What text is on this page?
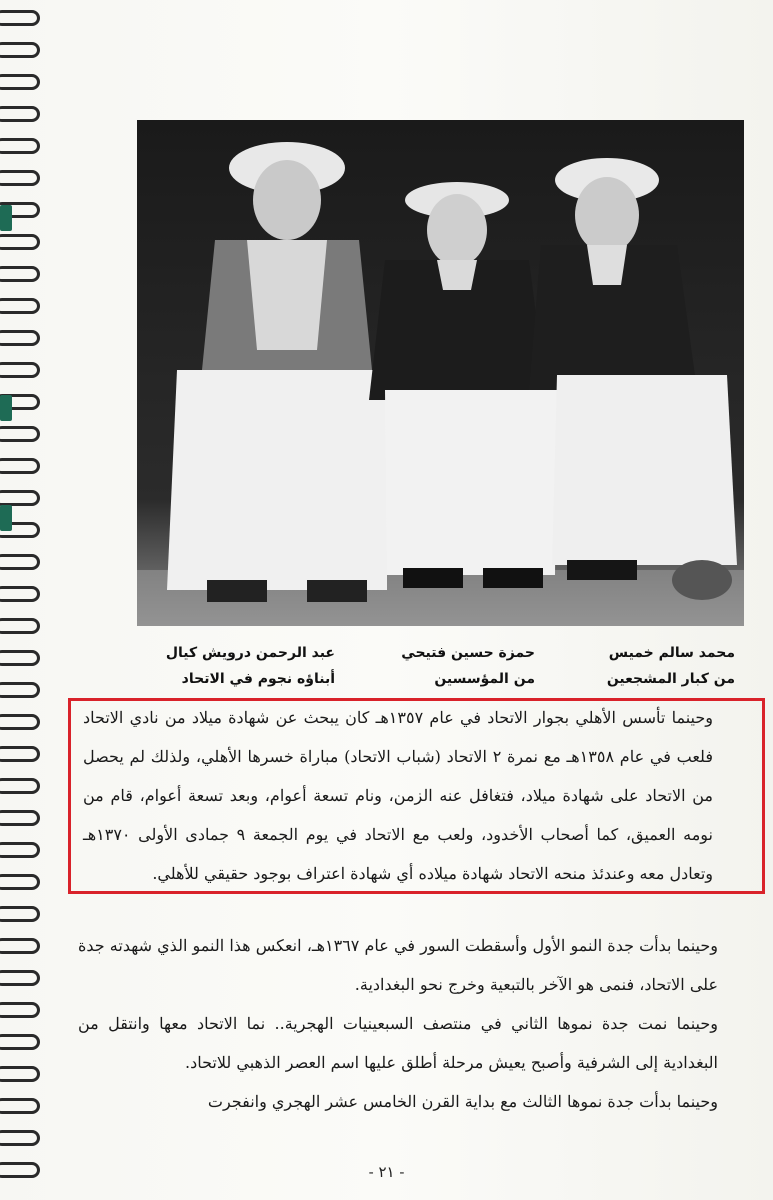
محمد سالم خميس
من كبار المشجعين
حمزة حسين فتيحي
من المؤسسين
عبد الرحمن درويش كيال
أبناؤه نجوم في الاتحاد
وحينما تأسس الأهلي بجوار الاتحاد في عام ١٣٥٧هـ كان يبحث عن شهادة ميلاد من نادي الاتحاد فلعب في عام ١٣٥٨هـ مع نمرة ٢ الاتحاد (شباب الاتحاد) مباراة خسرها الأهلي، ولذلك لم يحصل من الاتحاد على شهادة ميلاد، فتغافل عنه الزمن، ونام تسعة أعوام، وبعد تسعة أعوام، قام من نومه العميق، كما أصحاب الأخدود، ولعب مع الاتحاد في يوم الجمعة ٩ جمادى الأولى ١٣٧٠هـ وتعادل معه وعندئذ منحه الاتحاد شهادة ميلاده أي شهادة اعتراف بوجود حقيقي للأهلي.
وحينما بدأت جدة النمو الأول وأسقطت السور في عام ١٣٦٧هـ، انعكس هذا النمو الذي شهدته جدة على الاتحاد، فنمى هو الآخر بالتبعية وخرج نحو البغدادية.
وحينما نمت جدة نموها الثاني في منتصف السبعينيات الهجرية.. نما الاتحاد معها وانتقل من البغدادية إلى الشرفية وأصبح يعيش مرحلة أطلق عليها اسم العصر الذهبي للاتحاد.
وحينما بدأت جدة نموها الثالث مع بداية القرن الخامس عشر الهجري وانفجرت
- ٢١ -
